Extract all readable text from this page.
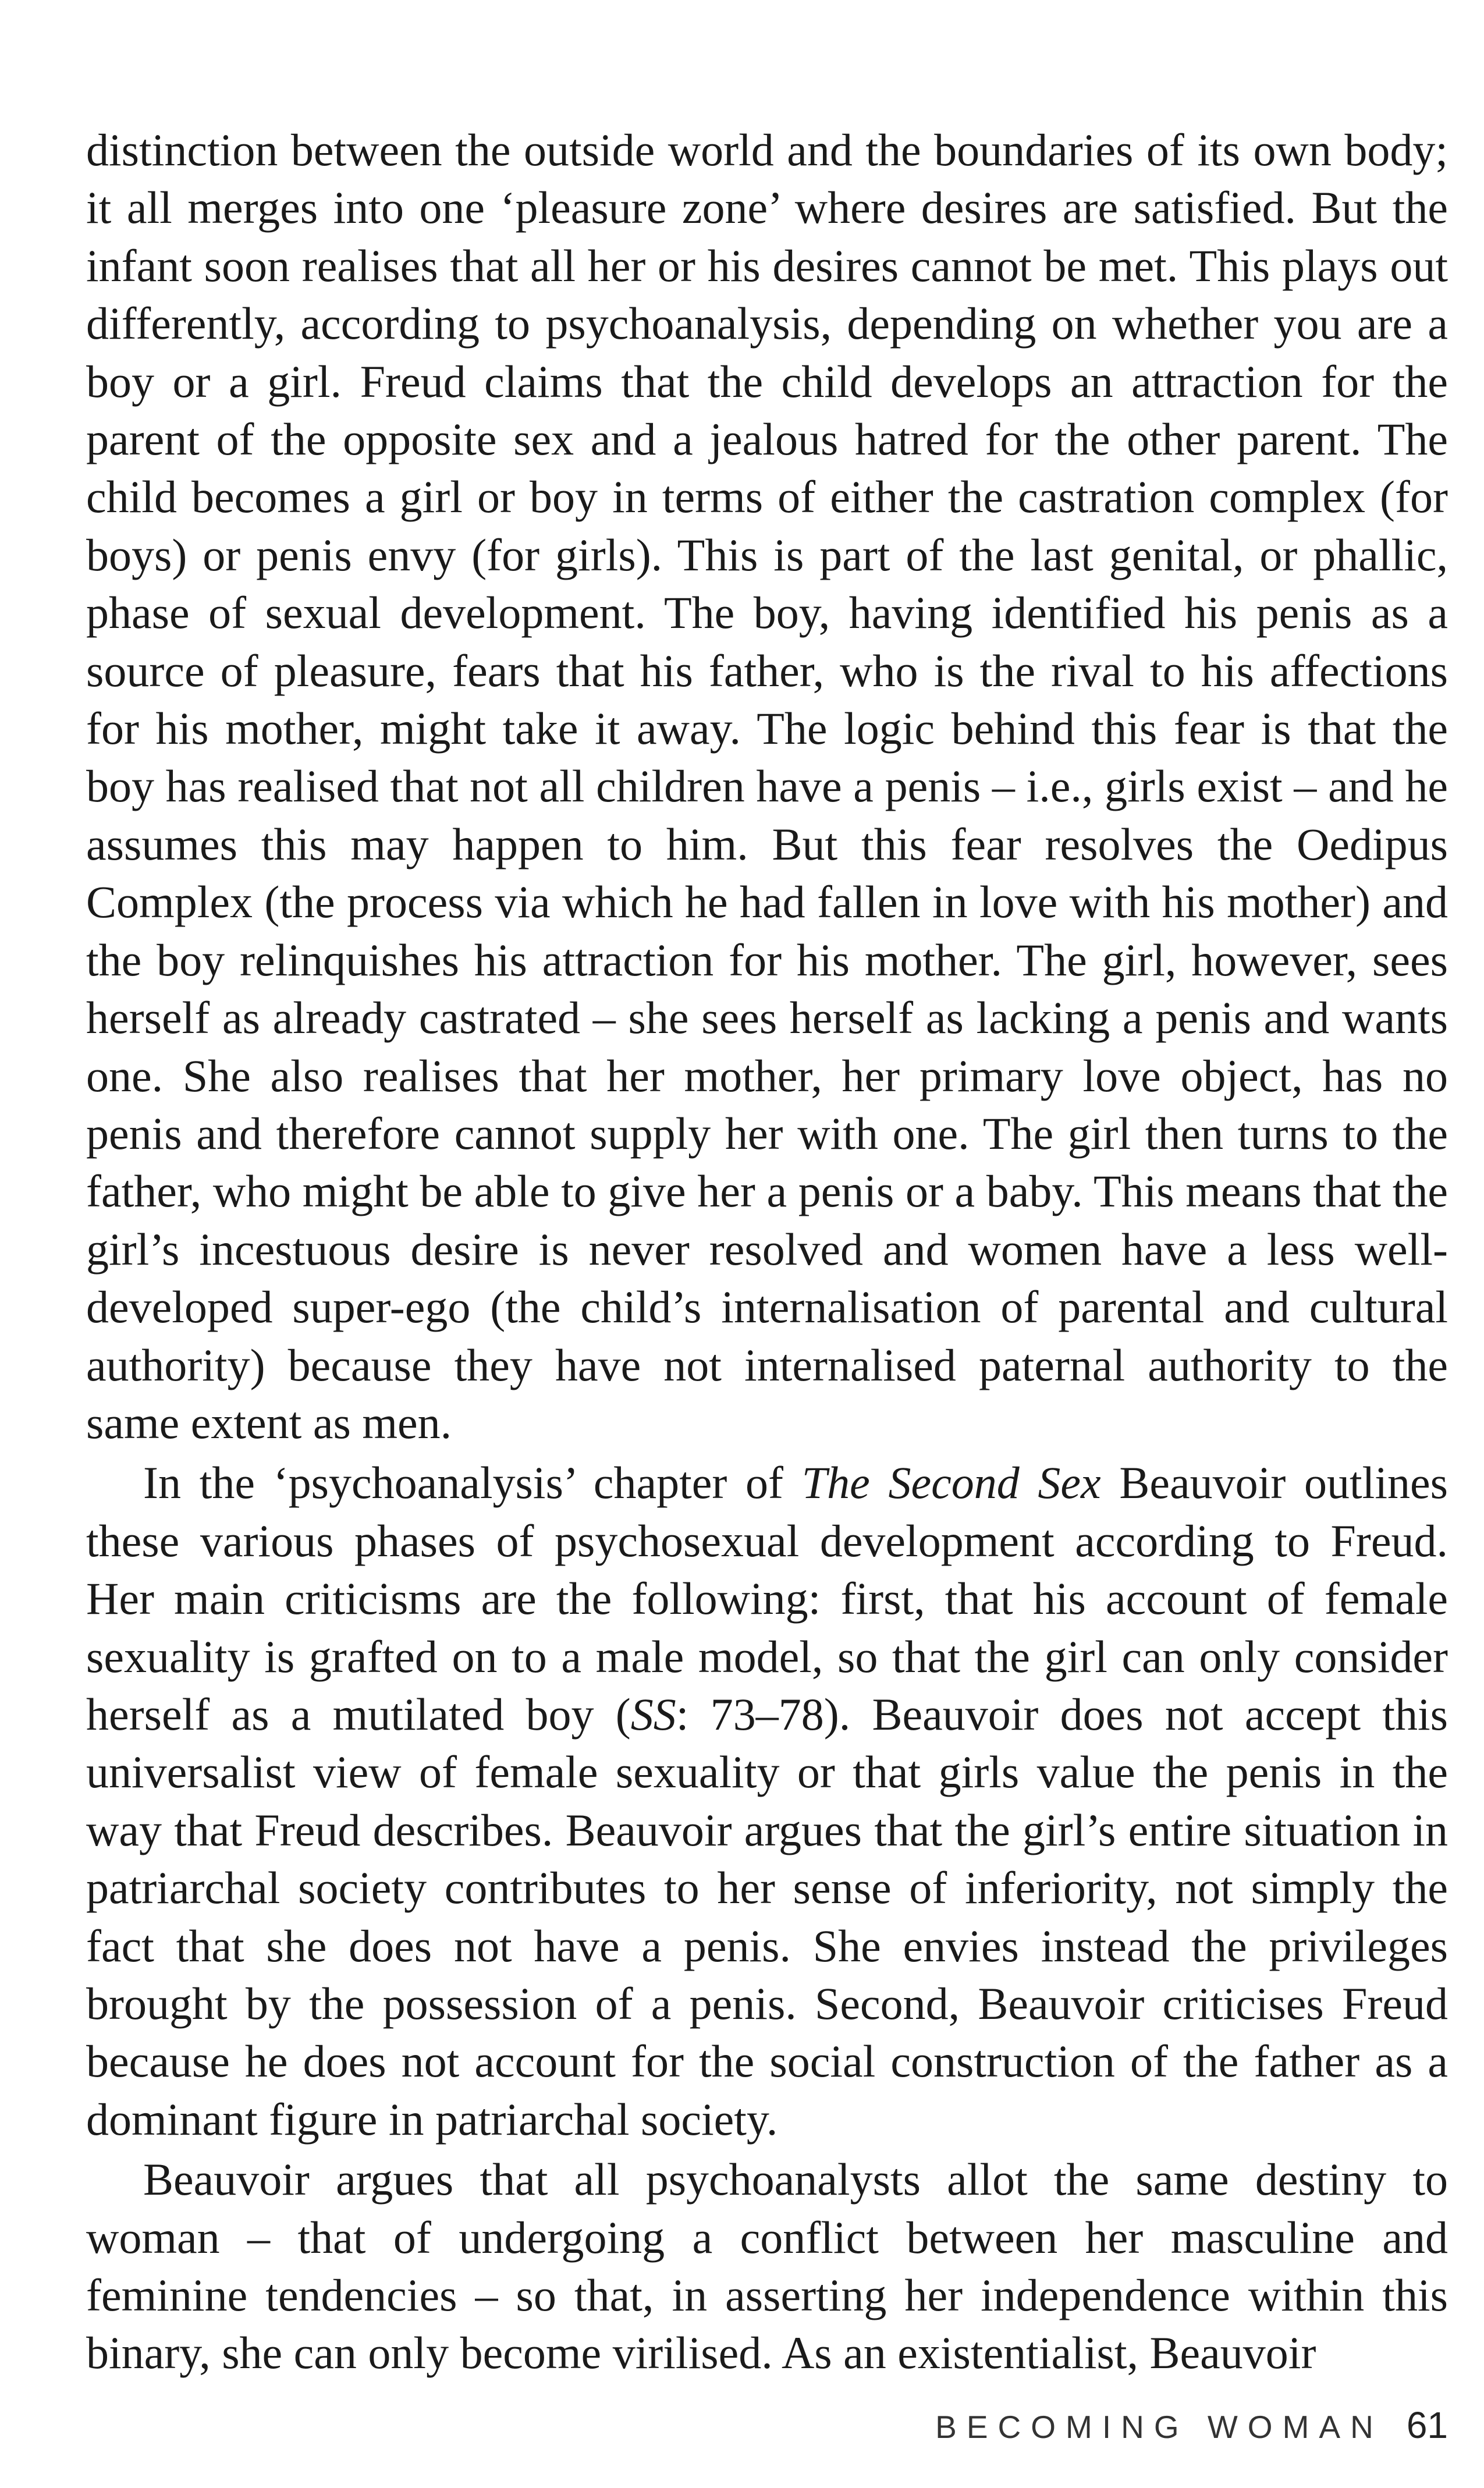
distinction between the outside world and the boundaries of its own body; it all merges into one ‘pleasure zone’ where desires are satisfied. But the infant soon realises that all her or his desires cannot be met. This plays out differently, according to psychoanalysis, depending on whether you are a boy or a girl. Freud claims that the child develops an attraction for the parent of the opposite sex and a jealous hatred for the other parent. The child becomes a girl or boy in terms of either the castration complex (for boys) or penis envy (for girls). This is part of the last genital, or phallic, phase of sexual development. The boy, having identified his penis as a source of pleasure, fears that his father, who is the rival to his affections for his mother, might take it away. The logic behind this fear is that the boy has realised that not all children have a penis – i.e., girls exist – and he assumes this may happen to him. But this fear resolves the Oedipus Complex (the process via which he had fallen in love with his mother) and the boy relinquishes his attraction for his mother. The girl, however, sees herself as already castrated – she sees herself as lacking a penis and wants one. She also realises that her mother, her primary love object, has no penis and therefore cannot supply her with one. The girl then turns to the father, who might be able to give her a penis or a baby. This means that the girl’s incestuous desire is never resolved and women have a less well-developed super-ego (the child’s internalisation of parental and cultural authority) because they have not internalised paternal authority to the same extent as men.

In the ‘psychoanalysis’ chapter of The Second Sex Beauvoir outlines these various phases of psychosexual development according to Freud. Her main criticisms are the following: first, that his account of female sexuality is grafted on to a male model, so that the girl can only consider herself as a mutilated boy (SS: 73–78). Beauvoir does not accept this universalist view of female sexuality or that girls value the penis in the way that Freud describes. Beauvoir argues that the girl’s entire situation in patriarchal society contributes to her sense of inferiority, not simply the fact that she does not have a penis. She envies instead the privileges brought by the possession of a penis. Second, Beauvoir criticises Freud because he does not account for the social construction of the father as a dominant figure in patriarchal society.

Beauvoir argues that all psychoanalysts allot the same destiny to woman – that of undergoing a conflict between her masculine and feminine tendencies – so that, in asserting her independence within this binary, she can only become virilised. As an existentialist, Beauvoir

BECOMING WOMAN 61
